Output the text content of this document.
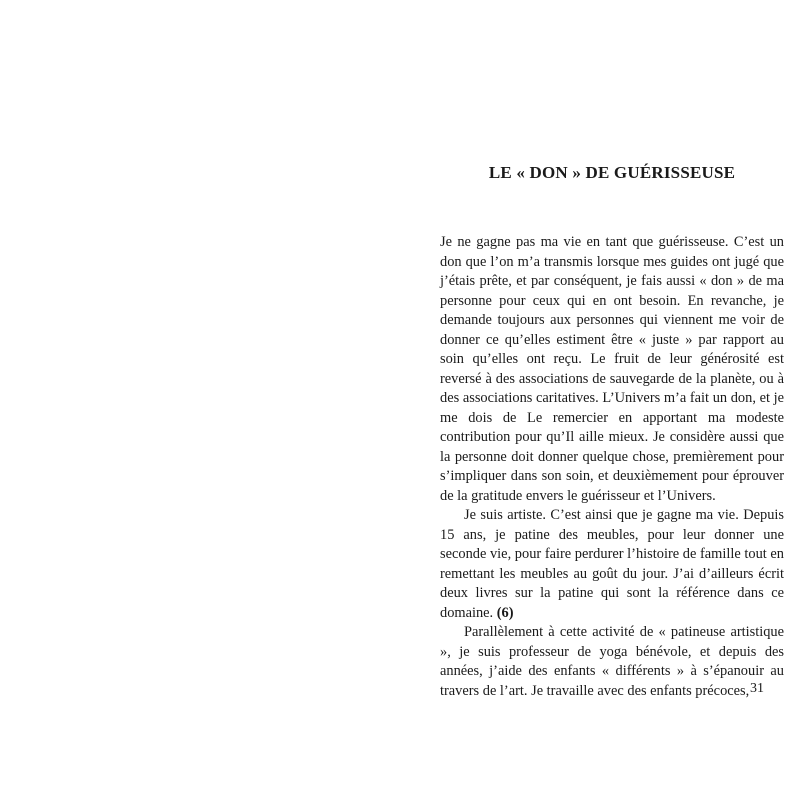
LE « DON » DE GUÉRISSEUSE

Je ne gagne pas ma vie en tant que guérisseuse. C’est un don que l’on m’a transmis lorsque mes guides ont jugé que j’étais prête, et par conséquent, je fais aussi « don » de ma personne pour ceux qui en ont besoin. En revanche, je demande toujours aux personnes qui viennent me voir de donner ce qu’elles estiment être « juste » par rapport au soin qu’elles ont reçu. Le fruit de leur générosité est reversé à des associations de sauvegarde de la planète, ou à des associations caritatives. L’Univers m’a fait un don, et je me dois de Le remercier en apportant ma modeste contribution pour qu’Il aille mieux. Je considère aussi que la personne doit donner quelque chose, premièrement pour s’impliquer dans son soin, et deuxièmement pour éprouver de la gratitude envers le guérisseur et l’Univers.

Je suis artiste. C’est ainsi que je gagne ma vie. Depuis 15 ans, je patine des meubles, pour leur donner une seconde vie, pour faire perdurer l’histoire de famille tout en remettant les meubles au goût du jour. J’ai d’ailleurs écrit deux livres sur la patine qui sont la référence dans ce domaine. (6)

Parallèlement à cette activité de « patineuse artistique », je suis professeur de yoga bénévole, et depuis des années, j’aide des enfants « différents » à s’épanouir au travers de l’art. Je travaille avec des enfants précoces, 31
